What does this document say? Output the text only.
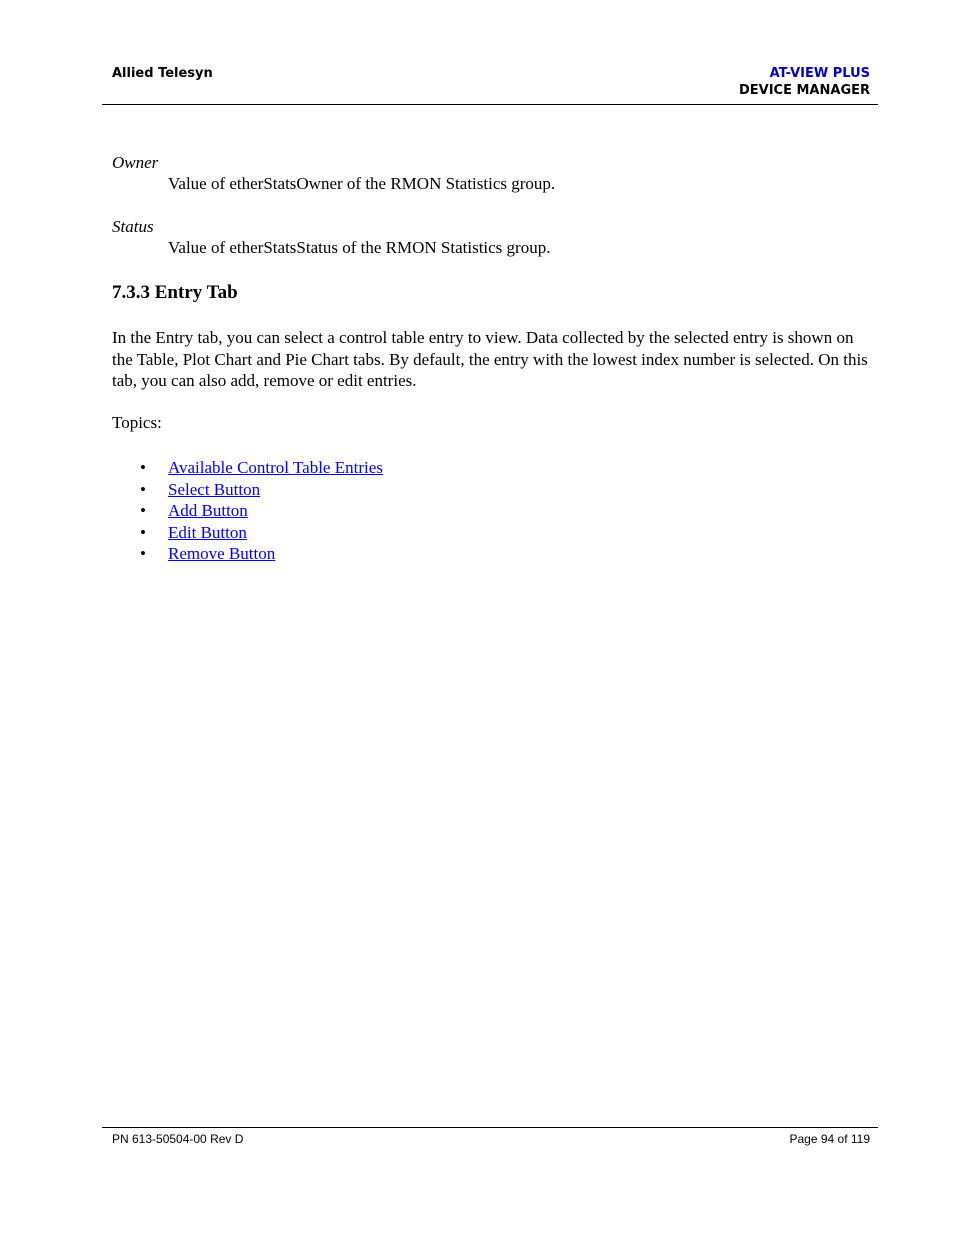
Allied Telesyn	AT-VIEW PLUS
DEVICE MANAGER
Owner
Value of etherStatsOwner of the RMON Statistics group.
Status
Value of etherStatsStatus of the RMON Statistics group.
7.3.3 Entry Tab
In the Entry tab, you can select a control table entry to view. Data collected by the selected entry is shown on the Table, Plot Chart and Pie Chart tabs. By default, the entry with the lowest index number is selected. On this tab, you can also add, remove or edit entries.
Topics:
• Available Control Table Entries
• Select Button
• Add Button
• Edit Button
• Remove Button
PN 613-50504-00 Rev D	Page 94 of 119
